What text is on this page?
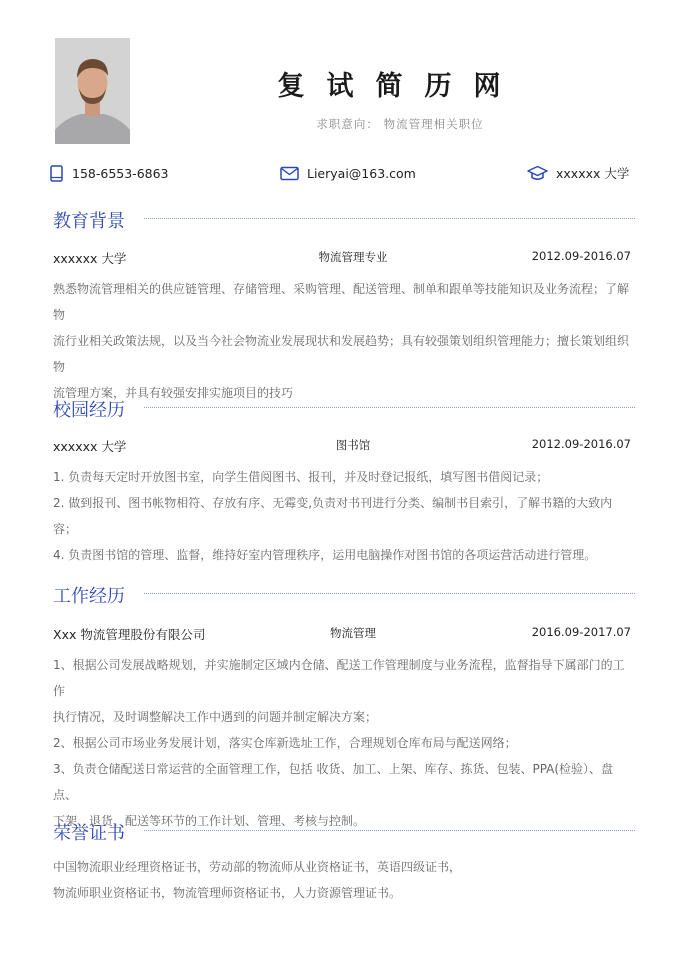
复试简历网
求职意向： 物流管理相关职位
158-6553-6863	Lieryai@163.com	xxxxxx 大学
教育背景
xxxxxx 大学	物流管理专业	2012.09-2016.07

熟悉物流管理相关的供应链管理、存储管理、采购管理、配送管理、制单和跟单等技能知识及业务流程；了解物

流行业相关政策法规，以及当今社会物流业发展现状和发展趋势；具有较强策划组织管理能力；擅长策划组织物

流管理方案，并具有较强安排实施项目的技巧

校园经历
xxxxxx 大学	图书馆	2012.09-2016.07

1. 负责每天定时开放图书室，向学生借阅图书、报刊，并及时登记报纸，填写图书借阅记录；

2. 做到报刊、图书帐物相符、存放有序、无霉变,负责对书刊进行分类、编制书目索引，了解书籍的大致内容；

4. 负责图书馆的管理、监督，维持好室内管理秩序，运用电脑操作对图书馆的各项运营活动进行管理。

工作经历
Xxx 物流管理股份有限公司	物流管理	2016.09-2017.07

1、根据公司发展战略规划，并实施制定区域内仓储、配送工作管理制度与业务流程，监督指导下属部门的工作

执行情况，及时调整解决工作中遇到的问题并制定解决方案；

2、根据公司市场业务发展计划，落实仓库新选址工作，合理规划仓库布局与配送网络；

3、负责仓储配送日常运营的全面管理工作，包括 收货、加工、上架、库存、拣货、包装、PPA(检验）、盘点、

下架、退货、配送等环节的工作计划、管理、考核与控制。

荣誉证书

中国物流职业经理资格证书，劳动部的物流师从业资格证书，英语四级证书，

物流师职业资格证书，物流管理师资格证书，人力资源管理证书。
